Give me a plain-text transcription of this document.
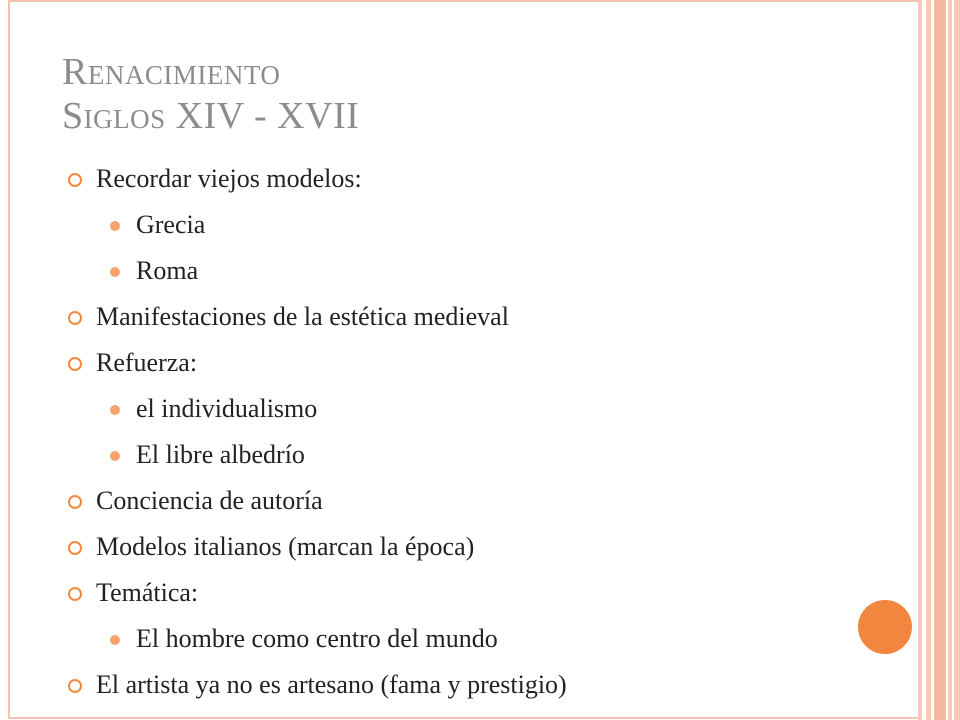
Renacimiento
Siglos XIV - XVII
Recordar viejos modelos:
Grecia
Roma
Manifestaciones de la estética medieval
Refuerza:
el individualismo
El libre albedrío
Conciencia de autoría
Modelos italianos (marcan la época)
Temática:
El hombre como centro del mundo
El artista ya no es artesano (fama y prestigio)
